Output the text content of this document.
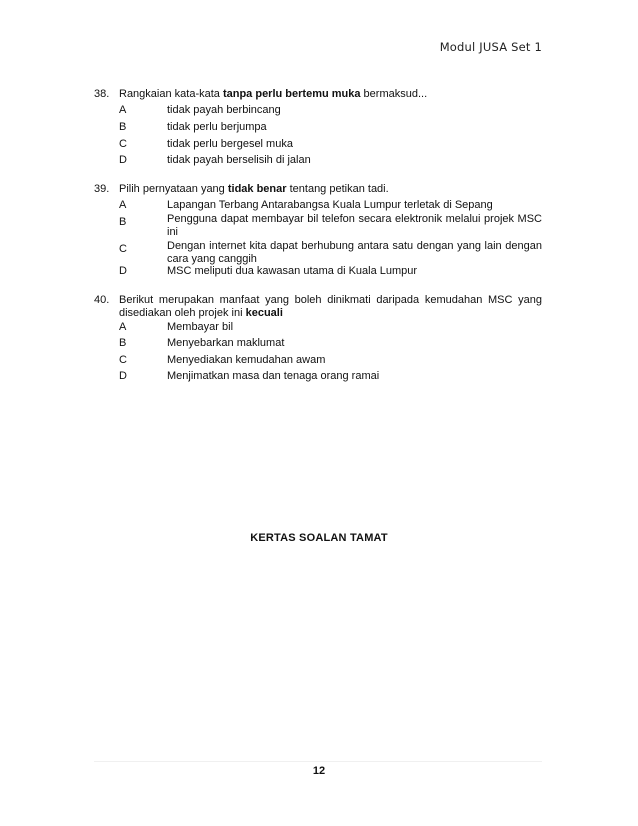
Modul JUSA Set 1
38. Rangkaian kata-kata tanpa perlu bertemu muka bermaksud...
A	tidak payah berbincang
B	tidak perlu berjumpa
C	tidak perlu bergesel muka
D	tidak payah berselisih di jalan
39. Pilih pernyataan yang tidak benar tentang petikan tadi.
A	Lapangan Terbang Antarabangsa Kuala Lumpur terletak di Sepang
B	Pengguna dapat membayar bil telefon secara elektronik melalui projek MSC ini
C	Dengan internet kita dapat berhubung antara satu dengan yang lain dengan cara yang canggih
D	MSC meliputi dua kawasan utama di Kuala Lumpur
40. Berikut merupakan manfaat yang boleh dinikmati daripada kemudahan MSC yang disediakan oleh projek ini kecuali
A	Membayar bil
B	Menyebarkan maklumat
C	Menyediakan kemudahan awam
D	Menjimatkan masa dan tenaga orang ramai
KERTAS SOALAN TAMAT
12
